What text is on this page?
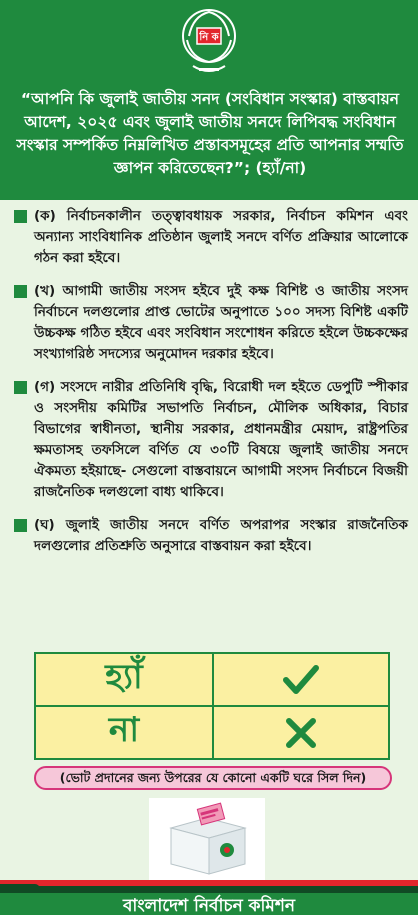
নি ক
“আপনি কি জুলাই জাতীয় সনদ (সংবিধান সংস্কার) বাস্তবায়ন আদেশ, ২০২৫ এবং জুলাই জাতীয় সনদে লিপিবদ্ধ সংবিধান সংস্কার সম্পর্কিত নিম্নলিখিত প্রস্তাবসমূহের প্রতি আপনার সম্মতি জ্ঞাপন করিতেছেন?”; (হ্যাঁ/না)
(ক) নির্বাচনকালীন তত্ত্বাবধায়ক সরকার, নির্বাচন কমিশন এবং অন্যান্য সাংবিধানিক প্রতিষ্ঠান জুলাই সনদে বর্ণিত প্রক্রিয়ার আলোকে গঠন করা হইবে।
(খ) আগামী জাতীয় সংসদ হইবে দুই কক্ষ বিশিষ্ট ও জাতীয় সংসদ নির্বাচনে দলগুলোর প্রাপ্ত ভোটের অনুপাতে ১০০ সদস্য বিশিষ্ট একটি উচ্চকক্ষ গঠিত হইবে এবং সংবিধান সংশোধন করিতে হইলে উচ্চকক্ষের সংখ্যাগরিষ্ঠ সদস্যের অনুমোদন দরকার হইবে।
(গ) সংসদে নারীর প্রতিনিধি বৃদ্ধি, বিরোধী দল হইতে ডেপুটি স্পীকার ও সংসদীয় কমিটির সভাপতি নির্বাচন, মৌলিক অধিকার, বিচার বিভাগের স্বাধীনতা, স্থানীয় সরকার, প্রধানমন্ত্রীর মেয়াদ, রাষ্ট্রপতির ক্ষমতাসহ তফসিলে বর্ণিত যে ৩০টি বিষয়ে জুলাই জাতীয় সনদে ঐকমত্য হইয়াছে- সেগুলো বাস্তবায়নে আগামী সংসদ নির্বাচনে বিজয়ী রাজনৈতিক দলগুলো বাধ্য থাকিবে।
(ঘ) জুলাই জাতীয় সনদে বর্ণিত অপরাপর সংস্কার রাজনৈতিক দলগুলোর প্রতিশ্রুতি অনুসারে বাস্তবায়ন করা হইবে।
হ্যাঁ
না
(ভোট প্রদানের জন্য উপরের যে কোনো একটি ঘরে সিল দিন)
বাংলাদেশ নির্বাচন কমিশন
